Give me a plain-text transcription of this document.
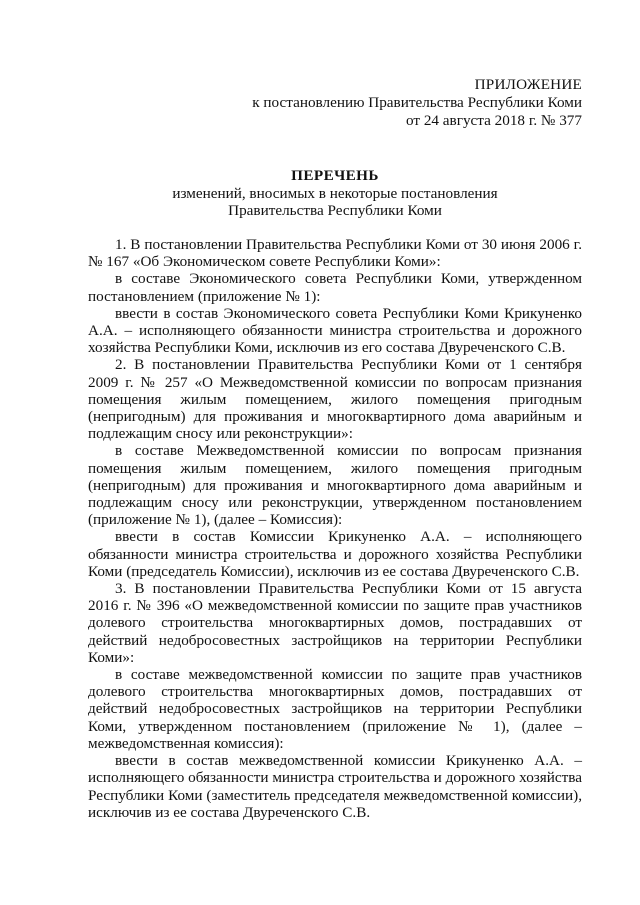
ПРИЛОЖЕНИЕ
к постановлению Правительства Республики Коми
от 24 августа 2018 г. № 377
ПЕРЕЧЕНЬ
изменений, вносимых в некоторые постановления
Правительства Республики Коми

1. В постановлении Правительства Республики Коми от 30 июня 2006 г. № 167 «Об Экономическом совете Республики Коми»:

в составе Экономического совета Республики Коми, утвержденном постановлением (приложение № 1):

ввести в состав Экономического совета Республики Коми Крикуненко А.А. – исполняющего обязанности министра строительства и дорожного хозяйства Республики Коми, исключив из его состава Двуреченского С.В.

2. В постановлении Правительства Республики Коми от 1 сентября 2009 г. № 257 «О Межведомственной комиссии по вопросам признания помещения жилым помещением, жилого помещения пригодным (непригодным) для проживания и многоквартирного дома аварийным и подлежащим сносу или реконструкции»:

в составе Межведомственной комиссии по вопросам признания помещения жилым помещением, жилого помещения пригодным (непригодным) для проживания и многоквартирного дома аварийным и подлежащим сносу или реконструкции, утвержденном постановлением (приложение № 1), (далее – Комиссия):

ввести в состав Комиссии Крикуненко А.А. – исполняющего обязанности министра строительства и дорожного хозяйства Республики Коми (председатель Комиссии), исключив из ее состава Двуреченского С.В.

3. В постановлении Правительства Республики Коми от 15 августа 2016 г. № 396 «О межведомственной комиссии по защите прав участников долевого строительства многоквартирных домов, пострадавших от действий недобросовестных застройщиков на территории Республики Коми»:

в составе межведомственной комиссии по защите прав участников долевого строительства многоквартирных домов, пострадавших от действий недобросовестных застройщиков на территории Республики Коми, утвержденном постановлением (приложение № 1), (далее – межведомственная комиссия):

ввести в состав межведомственной комиссии Крикуненко А.А. – исполняющего обязанности министра строительства и дорожного хозяйства Республики Коми (заместитель председателя межведомственной комиссии), исключив из ее состава Двуреченского С.В.
